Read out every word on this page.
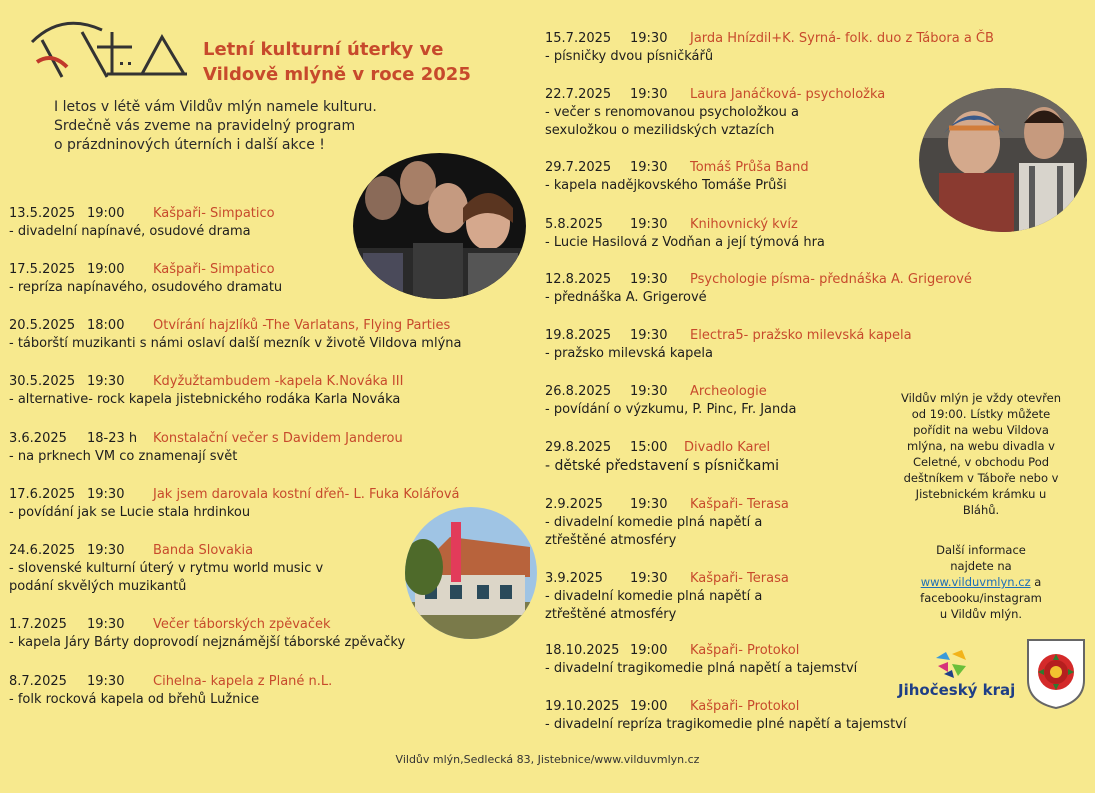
Letní kulturní úterky ve
Vildově mlýně v roce 2025
I letos v létě vám Vildův mlýn namele kulturu.
Srdečně vás zveme na pravidelný program
o prázdninových úterních i další akce !
13.5.2025 19:00 Kašpaři- Simpatico
- divadelní napínavé, osudové drama
17.5.2025 19:00 Kašpaři- Simpatico
- repríza napínavého, osudového dramatu
20.5.2025 18:00 Otvírání hajzlíků -The Varlatans, Flying Parties
- táborští muzikanti s námi oslaví další mezník v životě Vildova mlýna
30.5.2025 19:30 Kdyžuž​tambudem -kapela K.Nováka III
- alternative- rock kapela jistebnického rodáka Karla Nováka
3.6.2025 18-23 h Konstalační večer s Davidem Janderou
- na prknech VM co znamenají svět
17.6.2025 19:30 Jak jsem darovala kostní dřeň- L. Fuka Kolářová
- povídání jak se Lucie stala hrdinkou
24.6.2025 19:30 Banda Slovakia
- slovenské kulturní úterý v rytmu world music v
podání skvělých muzikantů
1.7.2025 19:30 Večer táborských zpěvaček
- kapela Járy Bárty doprovodí nejznámější táborské zpěvačky
8.7.2025 19:30 Cihelna- kapela z Plané n.L.
- folk rocková kapela od břehů Lužnice
15.7.2025 19:30 Jarda Hnízdil+K. Syrná- folk. duo z Tábora a ČB
- písničky dvou písničkářů
22.7.2025 19:30 Laura Janáčková- psycholožka
- večer s renomovanou psycholožkou a
sexuložkou o mezilidských vztazích
29.7.2025 19:30 Tomáš Průša Band
- kapela nadějkovského Tomáše Průši
5.8.2025 19:30 Knihovnický kvíz
- Lucie Hasilová z Vodňan a její týmová hra
12.8.2025 19:30 Psychologie písma- přednáška A. Grigerové
- přednáška A. Grigerové
19.8.2025 19:30 Electra5- pražsko milevská kapela
- pražsko milevská kapela
26.8.2025 19:30 Archeologie
- povídání o výzkumu, P. Pinc, Fr. Janda
29.8.2025 15:00 Divadlo Karel
- dětské představení s písničkami
2.9.2025 19:30 Kašpaři- Terasa
- divadelní komedie plná napětí a
ztřeštěné atmosféry
3.9.2025 19:30 Kašpaři- Terasa
- divadelní komedie plná napětí a
ztřeštěné atmosféry
18.10.2025 19:00 Kašpaři- Protokol
- divadelní tragikomedie plná napětí a tajemství
19.10.2025 19:00 Kašpaři- Protokol
- divadelní repríza tragikomedie plné napětí a tajemství
Vildův mlýn je vždy otevřen
od 19:00. Lístky můžete
pořídit na webu Vildova
mlýna, na webu divadla v
Celetné, v obchodu Pod
deštníkem v Táboře nebo v
Jistebnickém krámku u
Bláhů.
Další informace
najdete na
www.vilduvmlyn.cz a
facebooku/instagram
u Vildův mlýn.
Jihočeský kraj
Vildův mlýn,Sedlecká 83, Jistebnice/www.vilduvmlyn.cz
